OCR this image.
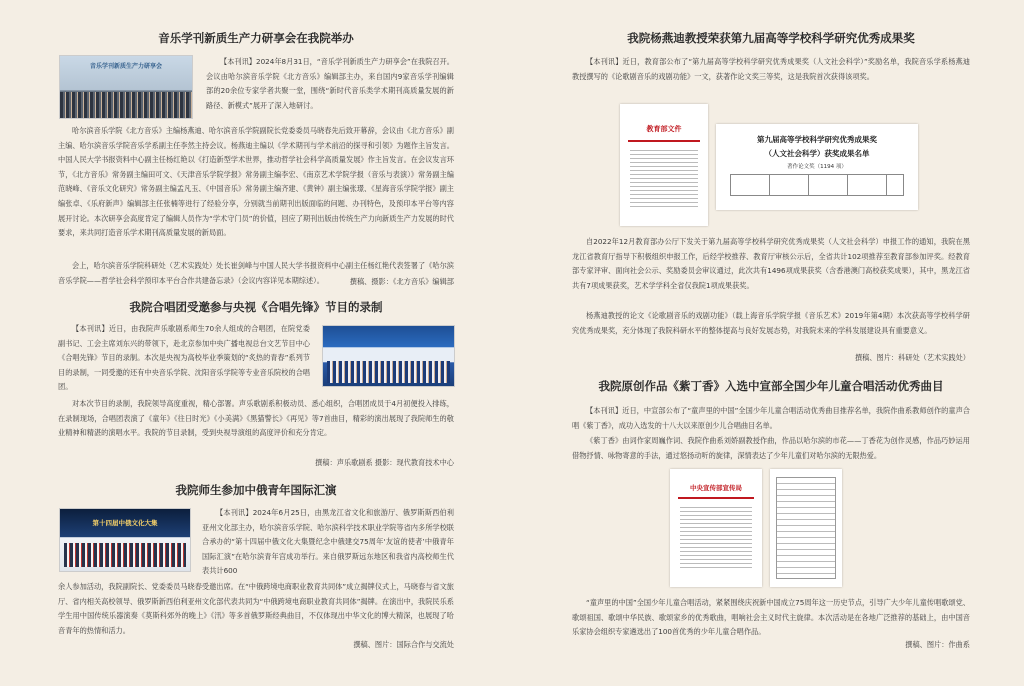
音乐学刊新质生产力研享会在我院举办
音乐学刊新质生产力研享会

【本刊讯】2024年8月31日，“音乐学刊新质生产力研享会”在我院召开。会议由哈尔滨音乐学院《北方音乐》编辑部主办，来自国内9家音乐学刊编辑部的20余位专家学者共聚一堂，围绕“新时代音乐类学术期刊高质量发展的新路径、新模式”展开了深入地研讨。

哈尔滨音乐学院《北方音乐》主编杨燕迪、哈尔滨音乐学院副院长党委委员马晓春先后致开幕辞，会议由《北方音乐》副主编、哈尔滨音乐学院音乐学系副主任李然主持会议。杨燕迪主编以《学术期刊与学术前沿的探寻和引领》为题作主旨发言。中国人民大学书报资料中心副主任杨红艳以《打造新型学术世界，推动哲学社会科学高质量发展》作主旨发言。在会议发言环节，《北方音乐》常务副主编田可文、《天津音乐学院学报》常务副主编李宏、《南京艺术学院学报（音乐与表演）》常务副主编范晓峰、《音乐文化研究》常务副主编孟凡玉、《中国音乐》常务副主编齐建、《黄钟》副主编张璟、《星海音乐学院学报》副主编张卓、《乐府新声》编辑部主任张楠等进行了经验分享，分别就当前期刊出版面临的问题、办刊特色，及预印本平台等内容展开讨论。本次研享会高度肯定了编辑人员作为“学术守门员”的价值，回应了期刊出版由传统生产力向新质生产力发展的时代要求，来共同打造音乐学术期刊高质量发展的新局面。

会上，哈尔滨音乐学院科研处（艺术实践处）处长崔剑峰与中国人民大学书报资料中心副主任杨红艳代表签署了《哈尔滨音乐学院——哲学社会科学预印本平台合作共建备忘录》（会议内容详见本期综述）。	撰稿、摄影：《北方音乐》编辑部

我院合唱团受邀参与央视《合唱先锋》节目的录制

【本刊讯】近日，由我院声乐歌剧系师生70余人组成的合唱团，在院党委副书记、工会主席刘东兴的带领下，赴北京参加中央广播电视总台文艺节目中心《合唱先锋》节目的录制。本次是央视为高校毕业季策划的“炙热的青春”系列节目的录制，一同受邀的还有中央音乐学院、沈阳音乐学院等专业音乐院校的合唱团。

对本次节目的录制，我院领导高度重视，精心部署。声乐歌剧系积极动员、悉心组织，合唱团成员于4月初便投入排练，在录制现场，合唱团表演了《童年》《往日时光》《小美满》《黑猫警长》《再见》等7首曲目，精彩的演出展现了我院师生的敬业精神和精湛的演唱水平。我院的节目录制，受到央视导演组的高度评价和充分肯定。

撰稿：声乐歌剧系 摄影：现代教育技术中心

我院师生参加中俄青年国际汇演
第十四届中俄文化大集

【本刊讯】2024年6月25日，由黑龙江省文化和旅游厅、俄罗斯斯西伯利亚州文化部主办，哈尔滨音乐学院、哈尔滨科学技术职业学院等省内多所学校联合承办的“第十四届中俄文化大集暨纪念中俄建交75周年‘友谊的使者’中俄青年国际汇演”在哈尔滨青年宫成功举行。来自俄罗斯远东地区和我省内高校师生代表共计600

余人参加活动，我院副院长、党委委员马晓春受邀出席。在“中俄跨境电商职业教育共同体”成立揭牌仪式上，马晓春与省文旅厅、省内相关高校领导、俄罗斯新西伯利亚州文化部代表共同为“中俄跨境电商职业教育共同体”揭牌。在演出中，我院民乐系学生用中国传统乐器演奏《莫斯科郊外的晚上》《汛》等多首俄罗斯经典曲目，不仅体现出中华文化的博大精深，也展现了哈音青年的热情和活力。

撰稿、图片：国际合作与交流处

我院杨燕迪教授荣获第九届高等学校科学研究优秀成果奖

【本刊讯】近日，教育部公布了“第九届高等学校科学研究优秀成果奖（人文社会科学）”奖励名单，我院音乐学系杨燕迪教授撰写的《论歌剧音乐的戏剧功能》一文，获著作论文奖三等奖，这是我院首次获得该项奖。

教育部文件
第九届高等学校科学研究优秀成果奖
（人文社会科学）获奖成果名单
著作论文奖（1194 项）

自2022年12月教育部办公厅下发关于第九届高等学校科学研究优秀成果奖（人文社会科学）申报工作的通知，我院在黑龙江省教育厅指导下积极组织申报工作，后经学校推荐、教育厅审核公示后，全省共计102项推荐至教育部参加评奖。经教育部专家评审、面向社会公示、奖励委员会审议通过，此次共有1496项成果获奖（含香港澳门高校获奖成果），其中，黑龙江省共有7项成果获奖，艺术学学科全省仅我院1项成果获奖。

杨燕迪教授的论文《论歌剧音乐的戏剧功能》（载上海音乐学院学报《音乐艺术》2019年第4期）本次获高等学校科学研究优秀成果奖，充分体现了我院科研水平的整体提高与良好发展态势，对我院未来的学科发展建设具有重要意义。

撰稿、图片：科研处（艺术实践处）

我院原创作品《紫丁香》入选中宣部全国少年儿童合唱活动优秀曲目

【本刊讯】近日，中宣部公布了“童声里的中国”全国少年儿童合唱活动优秀曲目推荐名单，我院作曲系教师创作的童声合唱《紫丁香》，成功入选发的十八大以来原创少儿合唱曲目名单。

《紫丁香》由词作家周巍作词、我院作曲系刘娇副教授作曲，作品以哈尔滨的市花——丁香花为创作灵感，作品巧妙运用借物抒情、咏物寄意的手法，通过悠扬动听的旋律，深情表达了少年儿童们对哈尔滨的无限热爱。

中央宣传部宣传局

“童声里的中国”全国少年儿童合唱活动，紧紧围绕庆祝新中国成立75周年这一历史节点，引导广大少年儿童传唱歌颂党、歌颂祖国、歌颂中华民族、歌颂家乡的优秀歌曲，唱响社会主义时代主旋律。本次活动是在各地广泛推荐的基础上，由中国音乐家协会组织专家遴选出了100首优秀的少年儿童合唱作品。

撰稿、图片：作曲系
